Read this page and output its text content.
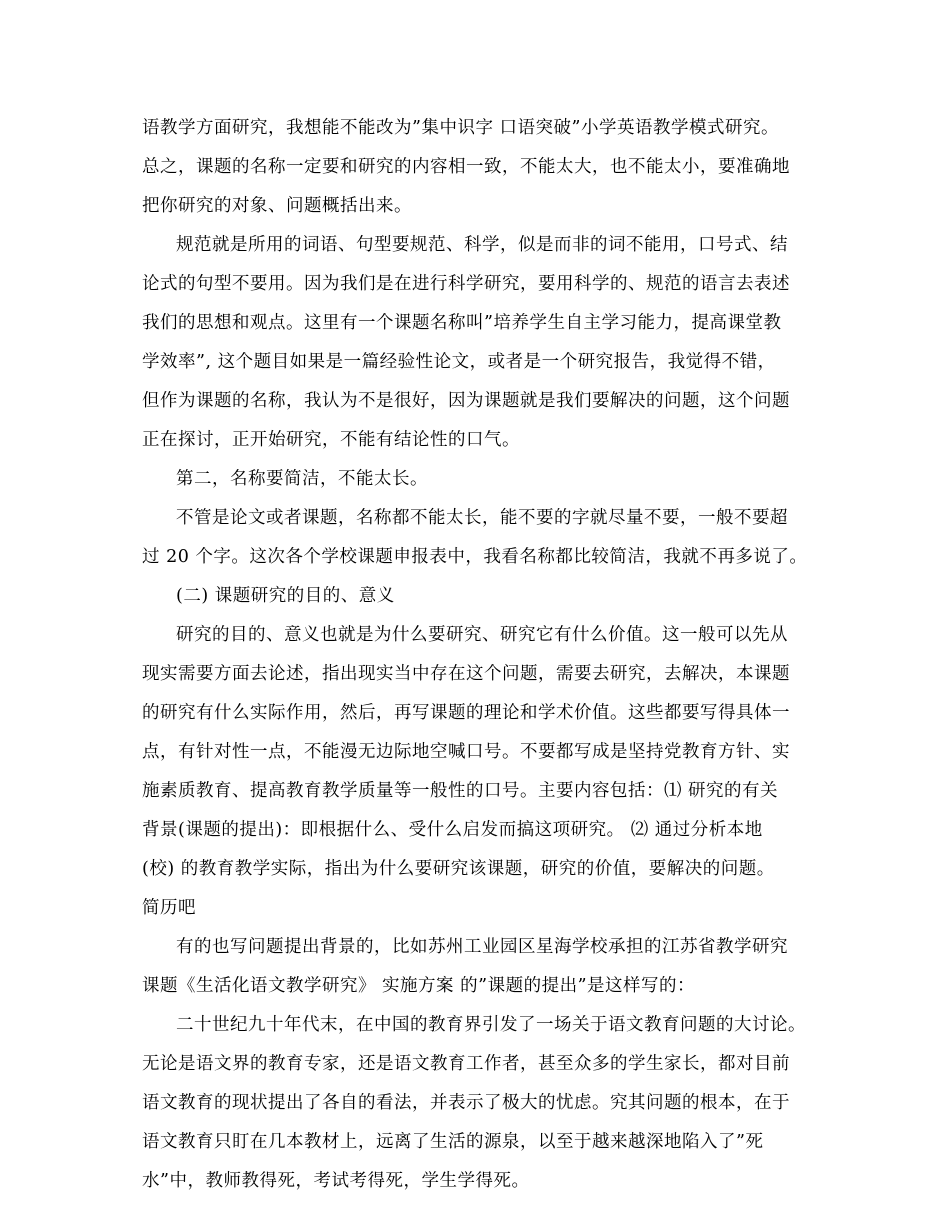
语教学方面研究，我想能不能改为”集中识字 口语突破”小学英语教学模式研究。
总之，课题的名称一定要和研究的内容相一致，不能太大，也不能太小，要准确地
把你研究的对象、问题概括出来。
规范就是所用的词语、句型要规范、科学，似是而非的词不能用，口号式、结
论式的句型不要用。因为我们是在进行科学研究，要用科学的、规范的语言去表述
我们的思想和观点。这里有一个课题名称叫”培养学生自主学习能力，提高课堂教
学效率”, 这个题目如果是一篇经验性论文，或者是一个研究报告，我觉得不错，
但作为课题的名称，我认为不是很好，因为课题就是我们要解决的问题，这个问题
正在探讨，正开始研究，不能有结论性的口气。
第二，名称要简洁，不能太长。
不管是论文或者课题，名称都不能太长，能不要的字就尽量不要，一般不要超
过 20 个字。这次各个学校课题申报表中，我看名称都比较简洁，我就不再多说了。
(二) 课题研究的目的、意义
研究的目的、意义也就是为什么要研究、研究它有什么价值。这一般可以先从
现实需要方面去论述，指出现实当中存在这个问题，需要去研究，去解决，本课题
的研究有什么实际作用，然后，再写课题的理论和学术价值。这些都要写得具体一
点，有针对性一点，不能漫无边际地空喊口号。不要都写成是坚持党教育方针、实
施素质教育、提高教育教学质量等一般性的口号。主要内容包括：⑴ 研究的有关
背景(课题的提出)：即根据什么、受什么启发而搞这项研究。 ⑵ 通过分析本地
(校) 的教育教学实际，指出为什么要研究该课题，研究的价值，要解决的问题。
简历吧
有的也写问题提出背景的，比如苏州工业园区星海学校承担的江苏省教学研究
课题《生活化语文教学研究》 实施方案 的”课题的提出”是这样写的：
二十世纪九十年代末，在中国的教育界引发了一场关于语文教育问题的大讨论。
无论是语文界的教育专家，还是语文教育工作者，甚至众多的学生家长，都对目前
语文教育的现状提出了各自的看法，并表示了极大的忧虑。究其问题的根本，在于
语文教育只盯在几本教材上，远离了生活的源泉，以至于越来越深地陷入了”死
水”中，教师教得死，考试考得死，学生学得死。
